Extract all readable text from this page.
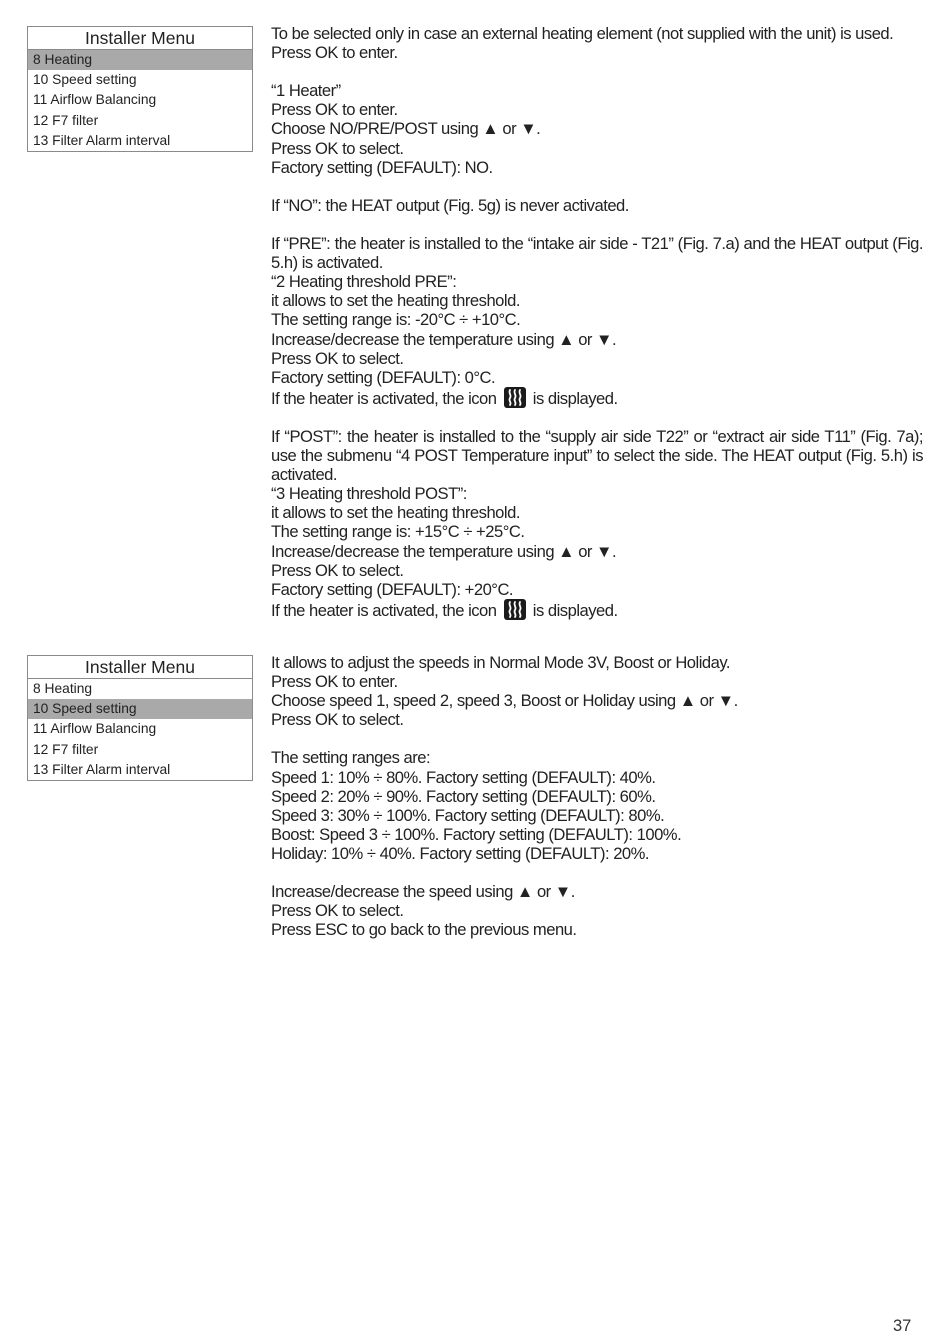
Installer Menu
8 Heating
10 Speed setting
11 Airflow Balancing
12 F7 filter
13 Filter Alarm interval

To be selected only in case an external heating element (not supplied with the unit) is used.

Press OK to enter.

“1 Heater”

Press OK to enter.

Choose NO/PRE/POST using ▲ or ▼.

Press OK to select.

Factory setting (DEFAULT): NO.

If “NO”: the HEAT output (Fig. 5g) is never activated.

If “PRE”: the heater is installed to the “intake air side - T21” (Fig. 7.a) and the HEAT output (Fig. 5.h) is activated.

“2 Heating threshold PRE”:

it allows to set the heating threshold.

The setting range is: -20°C ÷ +10°C.

Increase/decrease the temperature using ▲ or ▼.

Press OK to select.

Factory setting (DEFAULT): 0°C.

If the heater is activated, the icon is displayed.

If “POST”: the heater is installed to the “supply air side T22” or “extract air side T11” (Fig. 7a); use the submenu “4 POST Temperature input” to select the side. The HEAT output (Fig. 5.h) is activated.

“3 Heating threshold POST”:

it allows to set the heating threshold.

The setting range is: +15°C ÷ +25°C.

Increase/decrease the temperature using ▲ or ▼.

Press OK to select.

Factory setting (DEFAULT): +20°C.

If the heater is activated, the icon is displayed.

Installer Menu
8 Heating
10 Speed setting
11 Airflow Balancing
12 F7 filter
13 Filter Alarm interval

It allows to adjust the speeds in Normal Mode 3V, Boost or Holiday.

Press OK to enter.

Choose speed 1, speed 2, speed 3, Boost or Holiday using ▲ or ▼.

Press OK to select.

The setting ranges are:

Speed 1: 10% ÷ 80%. Factory setting (DEFAULT): 40%.

Speed 2: 20% ÷ 90%. Factory setting (DEFAULT): 60%.

Speed 3: 30% ÷ 100%. Factory setting (DEFAULT): 80%.

Boost: Speed 3 ÷ 100%. Factory setting (DEFAULT): 100%.

Holiday: 10% ÷ 40%. Factory setting (DEFAULT): 20%.

Increase/decrease the speed using ▲ or ▼.

Press OK to select.

Press ESC to go back to the previous menu.

37
